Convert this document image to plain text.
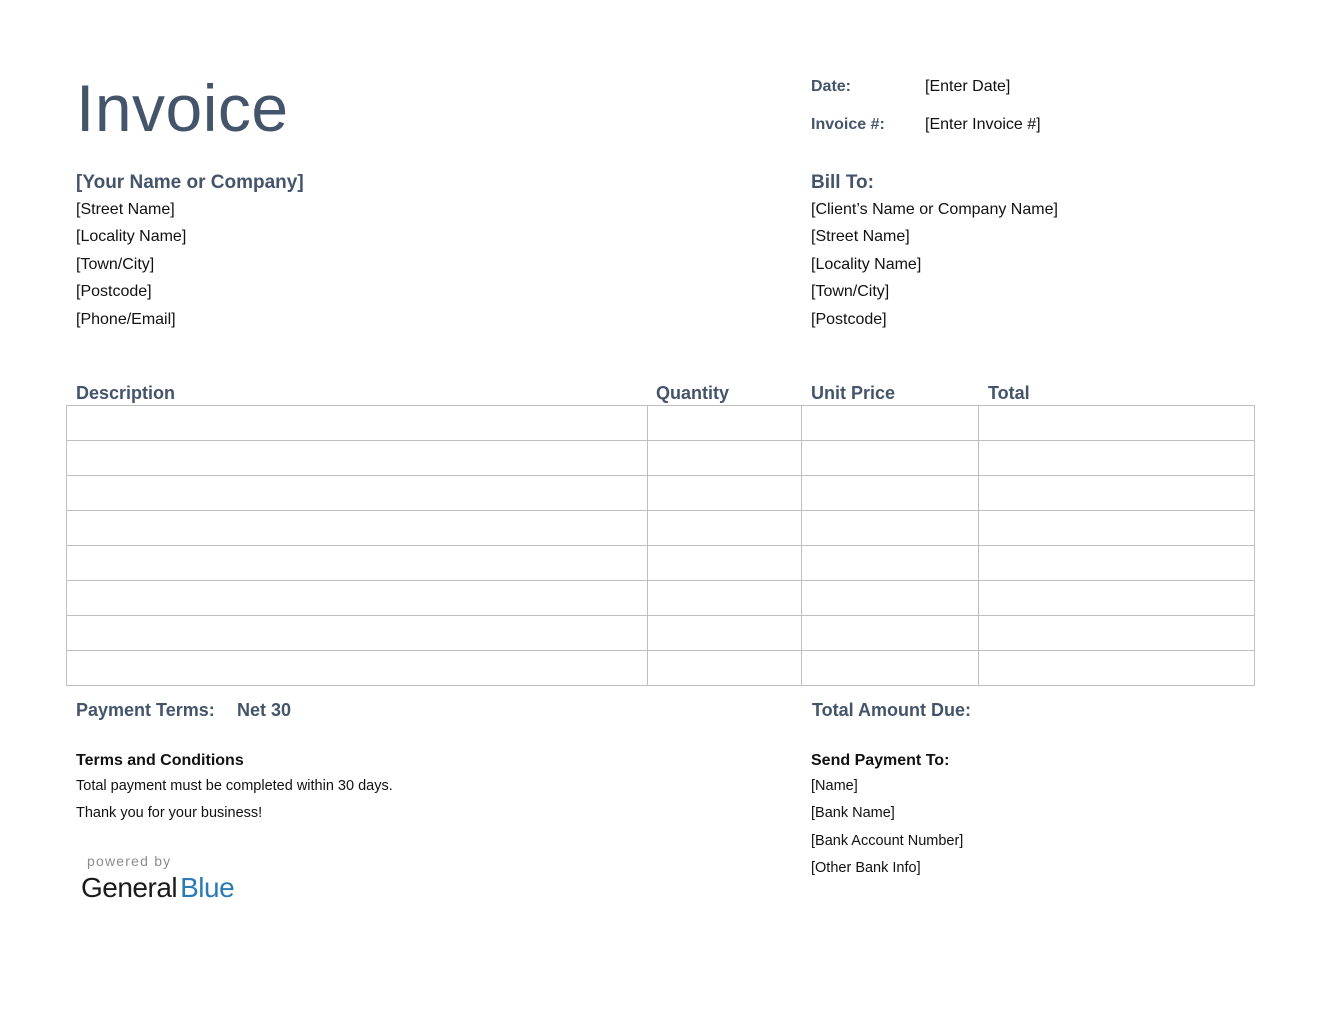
Invoice	Date:	[Enter Date]
Invoice #:	[Enter Invoice #]
[Your Name or Company]
[Street Name]
[Locality Name]
[Town/City]
[Postcode]
[Phone/Email]
Bill To:
[Client’s Name or Company Name]
[Street Name]
[Locality Name]
[Town/City]
[Postcode]
Description	Quantity	Unit Price	Total

Payment Terms: Net 30	Total Amount Due:
Terms and Conditions
Total payment must be completed within 30 days.
Thank you for your business!
Send Payment To:
[Name]
[Bank Name]
[Bank Account Number]
[Other Bank Info]
powered by
General Blue
